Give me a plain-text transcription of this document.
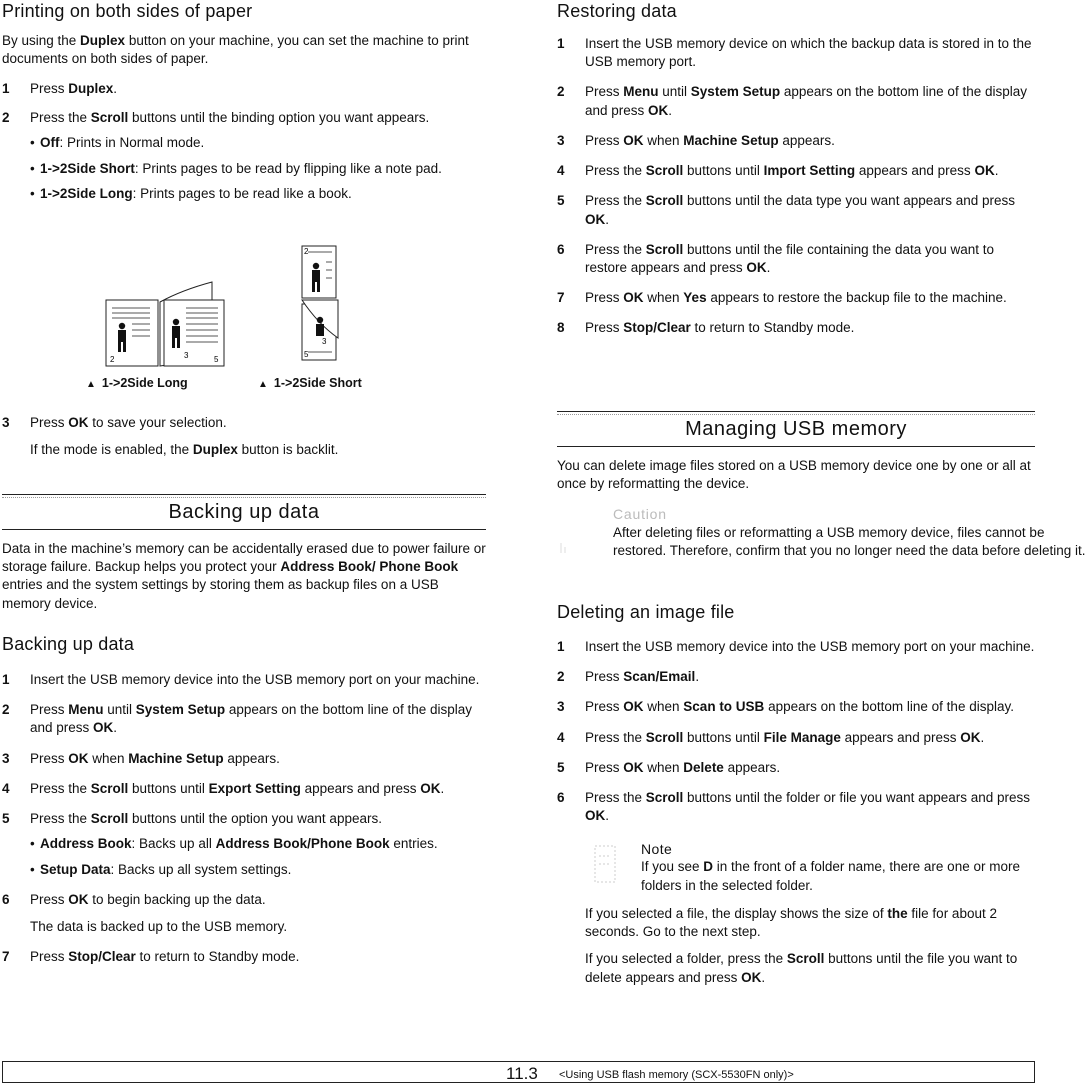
Printing on both sides of paper

By using the Duplex button on your machine, you can set the machine to print documents on both sides of paper.

1 Press Duplex.
2 Press the Scroll buttons until the binding option you want appears.
• Off: Prints in Normal mode.
• 1->2Side Short: Prints pages to be read by flipping like a note pad.
• 1->2Side Long: Prints pages to be read like a book.
2	3	5
2
3
5
▲ 1->2Side Long	▲ 1->2Side Short
3 Press OK to save your selection.

If the mode is enabled, the Duplex button is backlit.

Backing up data

Data in the machine’s memory can be accidentally erased due to power failure or storage failure. Backup helps you protect your Address Book/ Phone Book entries and the system settings by storing them as backup files on a USB memory device.

Backing up data
1 Insert the USB memory device into the USB memory port on your machine.
2 Press Menu until System Setup appears on the bottom line of the display and press OK.
3 Press OK when Machine Setup appears.
4 Press the Scroll buttons until Export Setting appears and press OK.
5 Press the Scroll buttons until the option you want appears.
• Address Book: Backs up all Address Book/Phone Book entries.
• Setup Data: Backs up all system settings.
6 Press OK to begin backing up the data.

The data is backed up to the USB memory.

7 Press Stop/Clear to return to Standby mode.
Restoring data
1 Insert the USB memory device on which the backup data is stored in to the USB memory port.
2 Press Menu until System Setup appears on the bottom line of the display and press OK.
3 Press OK when Machine Setup appears.
4 Press the Scroll buttons until Import Setting appears and press OK.
5 Press the Scroll buttons until the data type you want appears and press OK.
6 Press the Scroll buttons until the file containing the data you want to restore appears and press OK.
7 Press OK when Yes appears to restore the backup file to the machine.
8 Press Stop/Clear to return to Standby mode.
Managing USB memory

You can delete image files stored on a USB memory device one by one or all at once by reformatting the device.

Caution

After deleting files or reformatting a USB memory device, files cannot be restored. Therefore, confirm that you no longer need the data before deleting it.

Deleting an image file
1 Insert the USB memory device into the USB memory port on your machine.
2 Press Scan/Email.
3 Press OK when Scan to USB appears on the bottom line of the display.
4 Press the Scroll buttons until File Manage appears and press OK.
5 Press OK when Delete appears.
6 Press the Scroll buttons until the folder or file you want appears and press OK.
Note

If you see D in the front of a folder name, there are one or more folders in the selected folder.

If you selected a file, the display shows the size of the file for about 2 seconds. Go to the next step.

If you selected a folder, press the Scroll buttons until the file you want to delete appears and press OK.

11.3 <Using USB flash memory (SCX-5530FN only)>
